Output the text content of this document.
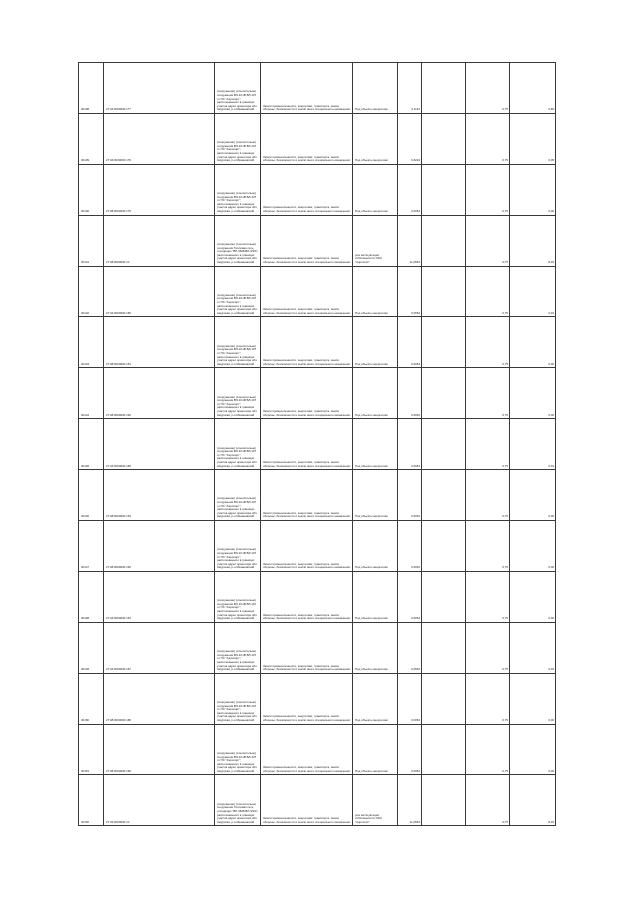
30138	27:04:0000000:177	(сооружение) (относительно) сооружения ВЛ-10 кВ ВЛ-107 от ПС "Аэропорт", расположенного в границах участка адрес ориентира обл. Амурская, р-н Мазановский	Земли промышленности, энергетики, транспорта, земли обороны, безопасности и земли иного специального назначения	Под объекты энергетики	0,1144		0,75	0,86
30139	27:04:0000000:179	(сооружение) (относительно) сооружения ВЛ-10 кВ ВЛ-107 от ПС "Аэропорт", расположенного в границах участка адрес ориентира обл. Амурская, р-н Мазановский	Земли промышленности, энергетики, транспорта, земли обороны, безопасности и земли иного специального назначения	Под объекты энергетики	0,6224		0,75	0,05
30140	27:08:0000000:179	(сооружение) (относительно) сооружения ВЛ-10 кВ ВЛ-107 от ПС "Аэропорт", расположенного в границах участка адрес ориентира обл. Амурская, р-н Мазановский	Земли промышленности, энергетики, транспорта, земли обороны, безопасности и земли иного специального назначения	Под объекты энергетики	0,0054		0,75	0,00
30141	27:08:0000000:10	(сооружение) (относительно) сооружения Тепловая сеть, отходящих "ВЛ-35кВ ВЛ-3/3/4", расположенного в границах участка адрес ориентира обл. Амурская, р-н Мазановский	Земли промышленности, энергетики, транспорта, земли обороны, безопасности и земли иного специального назначения	для эксплуатации собственности ОАО "Аэропорт"	11,0554		0,75	8,29
30142	27:04:0000000:150	(сооружение) (относительно) сооружения ВЛ-10 кВ ВЛ-107 от ПС "Аэропорт", расположенного в границах участка адрес ориентира обл. Амурская, р-н Мазановский	Земли промышленности, энергетики, транспорта, земли обороны, безопасности и земли иного специального назначения	Под объекты энергетики	0,0554		0,75	0,04
30143	27:08:0000000:151	(сооружение) (относительно) сооружения ВЛ-10 кВ ВЛ-107 от ПС "Аэропорт", расположенного в границах участка адрес ориентира обл. Амурская, р-н Мазановский	Земли промышленности, энергетики, транспорта, земли обороны, безопасности и земли иного специального назначения	Под объекты энергетики	0,0054		0,75	0,00
30144	27:08:0000000:162	(сооружение) (относительно) сооружения ВЛ-10 кВ ВЛ-107 от ПС "Аэропорт", расположенного в границах участка адрес ориентира обл. Амурская, р-н Мазановский	Земли промышленности, энергетики, транспорта, земли обороны, безопасности и земли иного специального назначения	Под объекты энергетики	0,0054		0,75	0,00
30145	27:04:0000000:148	(сооружение) (относительно) сооружения ВЛ-10 кВ ВЛ-107 от ПС "Аэропорт", расположенного в границах участка адрес ориентира обл. Амурская, р-н Мазановский	Земли промышленности, энергетики, транспорта, земли обороны, безопасности и земли иного специального назначения	Под объекты энергетики	0,0054		0,75	0,04
30146	27:08:0000000:154	(сооружение) (относительно) сооружения ВЛ-10 кВ ВЛ-107 от ПС "Аэропорт", расположенного в границах участка адрес ориентира обл. Амурская, р-н Мазановский	Земли промышленности, энергетики, транспорта, земли обороны, безопасности и земли иного специального назначения	Под объекты энергетики	0,0054		0,75	0,00
30147	27:08:0000000:160	(сооружение) (относительно) сооружения ВЛ-10 кВ ВЛ-107 от ПС "Аэропорт", расположенного в границах участка адрес ориентира обл. Амурская, р-н Мазановский	Земли промышленности, энергетики, транспорта, земли обороны, безопасности и земли иного специального назначения	Под объекты энергетики	0,0054		0,75	0,00
30148	27:04:0000000:164	(сооружение) (относительно) сооружения ВЛ-10 кВ ВЛ-107 от ПС "Аэропорт", расположенного в границах участка адрес ориентира обл. Амурская, р-н Мазановский	Земли промышленности, энергетики, транспорта, земли обороны, безопасности и земли иного специального назначения	Под объекты энергетики	0,0054		0,75	0,00
30149	27:04:0000000:167	(сооружение) (относительно) сооружения ВЛ-10 кВ ВЛ-107 от ПС "Аэропорт", расположенного в границах участка адрес ориентира обл. Амурская, р-н Мазановский	Земли промышленности, энергетики, транспорта, земли обороны, безопасности и земли иного специального назначения	Под объекты энергетики	0,0554		0,75	0,04
30150	27:08:0000000:168	(сооружение) (относительно) сооружения ВЛ-10 кВ ВЛ-107 от ПС "Аэропорт", расположенного в границах участка адрес ориентира обл. Амурская, р-н Мазановский	Земли промышленности, энергетики, транспорта, земли обороны, безопасности и земли иного специального назначения	Под объекты энергетики	0,0054		0,75	0,00
30151	27:08:0000000:169	(сооружение) (относительно) сооружения ВЛ-10 кВ ВЛ-107 от ПС "Аэропорт", расположенного в границах участка адрес ориентира обл. Амурская, р-н Мазановский	Земли промышленности, энергетики, транспорта, земли обороны, безопасности и земли иного специального назначения	Под объекты энергетики	0,0054		0,75	0,00
30152	27:04:0000000:10	(сооружение) (относительно) сооружения Тепловая сеть, отходящих "ВЛ-35кВ ВЛ-3/3/4", расположенного в границах участка адрес ориентира обл. Амурская, р-н Мазановский	Земли промышленности, энергетики, транспорта, земли обороны, безопасности и земли иного специального назначения	для эксплуатации собственности ОАО "Аэропорт"	11,0554		0,75	8,29
